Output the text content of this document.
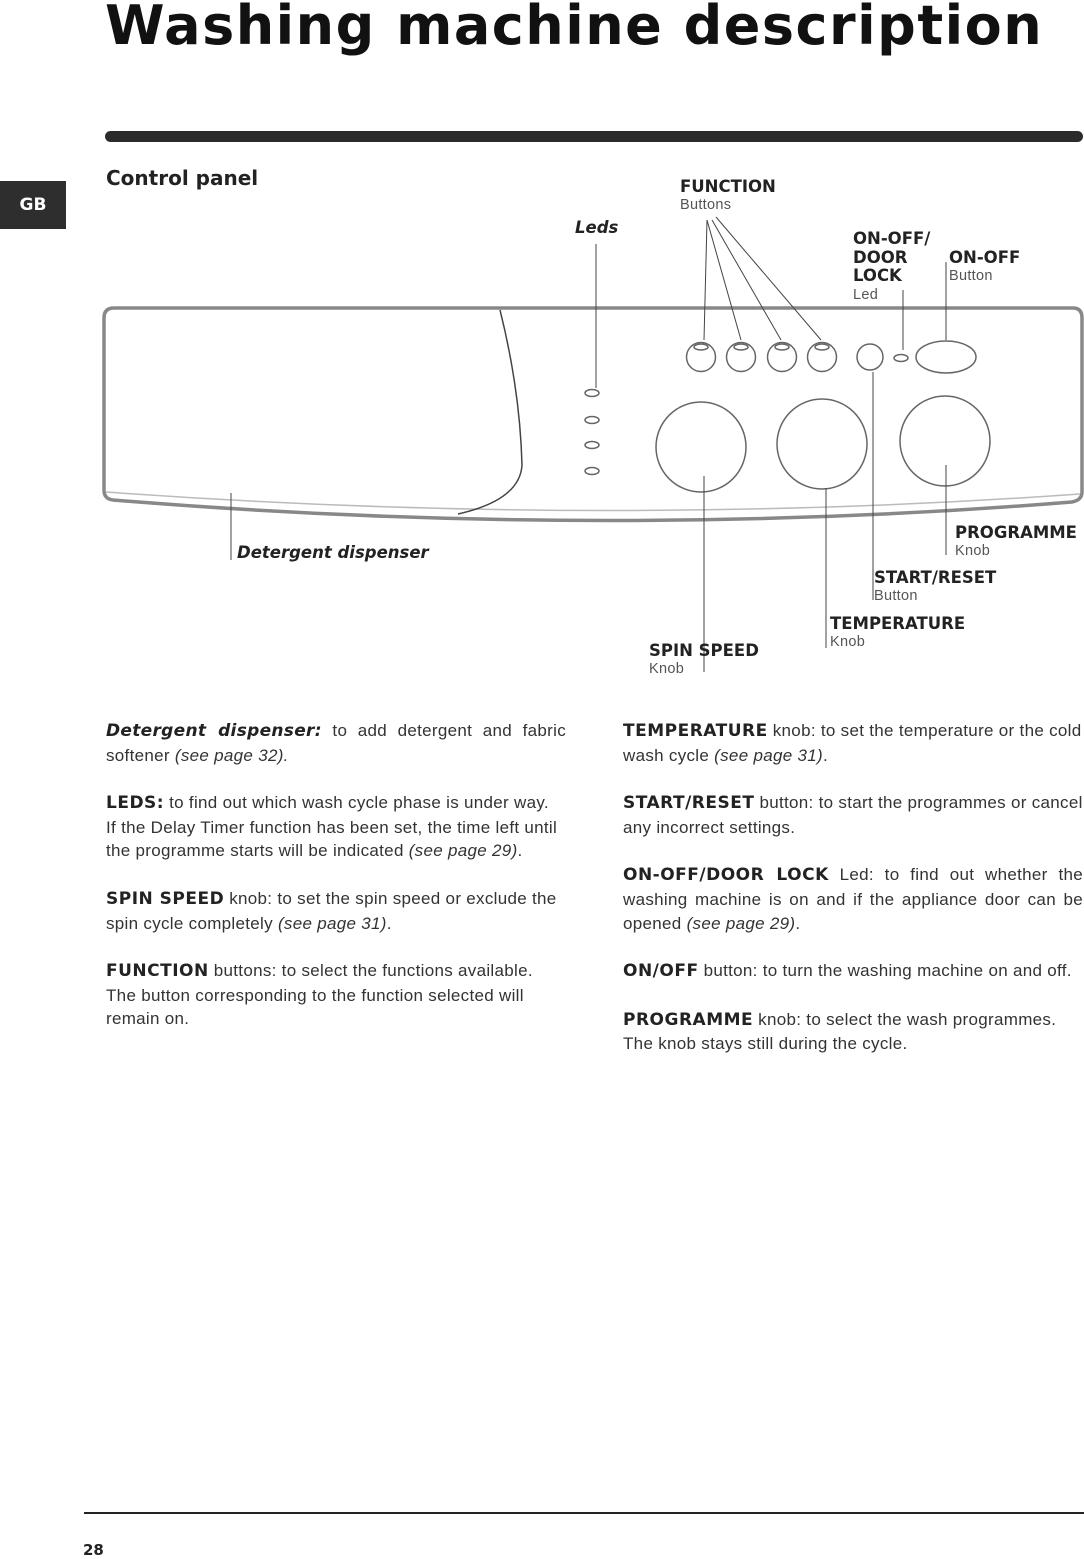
Washing machine description
GB
Control panel	FUNCTION
Buttons
Leds
ON-OFF/
DOOR
LOCK
Led
ON-OFF
Button
Detergent dispenser
PROGRAMME
Knob
START/RESET
Button
TEMPERATURE
Knob
SPIN SPEED
Knob

Detergent dispenser: to add detergent and fabric softener (see page 32).

LEDS: to find out which wash cycle phase is under way.
If the Delay Timer function has been set, the time left until the programme starts will be indicated (see page 29).

SPIN SPEED knob: to set the spin speed or exclude the spin cycle completely (see page 31).

FUNCTION buttons: to select the functions available. The button corresponding to the function selected will remain on.

TEMPERATURE knob: to set the temperature or the cold wash cycle (see page 31).

START/RESET button: to start the programmes or cancel any incorrect settings.

ON-OFF/DOOR LOCK Led: to find out whether the washing machine is on and if the appliance door can be opened (see page 29).

ON/OFF button: to turn the washing machine on and off.

PROGRAMME knob: to select the wash programmes. The knob stays still during the cycle.

28
